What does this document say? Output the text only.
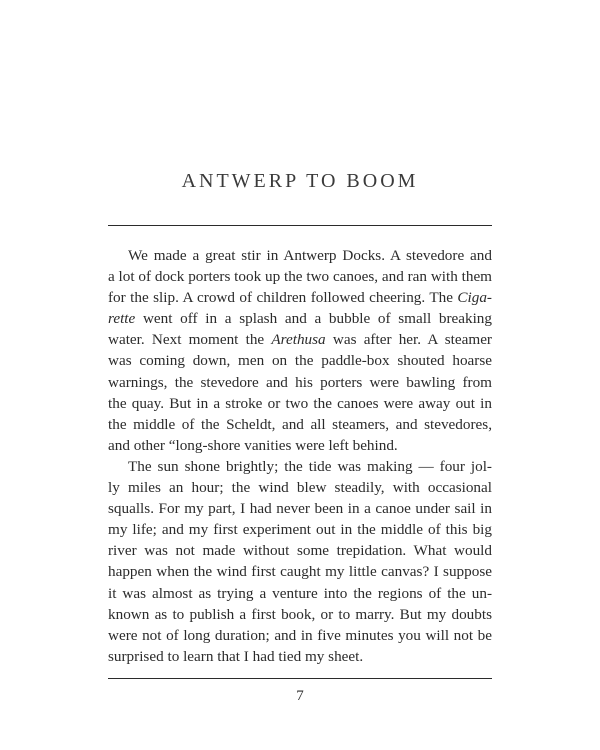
ANTWERP TO BOOM
We made a great stir in Antwerp Docks. A stevedore and
a lot of dock porters took up the two canoes, and ran with them
for the slip. A crowd of children followed cheering. The Ciga-
rette went off in a splash and a bubble of small breaking
water. Next moment the Arethusa was after her. A steamer
was coming down, men on the paddle-box shouted hoarse
warnings, the stevedore and his porters were bawling from
the quay. But in a stroke or two the canoes were away out in
the middle of the Scheldt, and all steamers, and stevedores,
and other “long-shore vanities were left behind.
The sun shone brightly; the tide was making — four jol-
ly miles an hour; the wind blew steadily, with occasional
squalls. For my part, I had never been in a canoe under sail in
my life; and my first experiment out in the middle of this big
river was not made without some trepidation. What would
happen when the wind first caught my little canvas? I suppose
it was almost as trying a venture into the regions of the un-
known as to publish a first book, or to marry. But my doubts
were not of long duration; and in five minutes you will not be
surprised to learn that I had tied my sheet.
7
